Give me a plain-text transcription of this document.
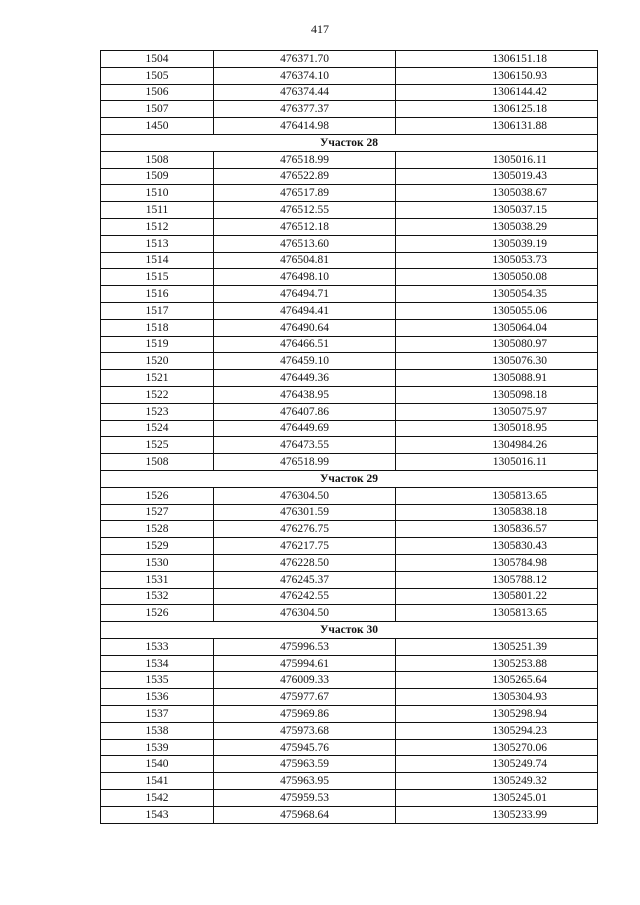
417
1504	476371.70	1306151.18
1505	476374.10	1306150.93
1506	476374.44	1306144.42
1507	476377.37	1306125.18
1450	476414.98	1306131.88
Участок 28		
1508	476518.99	1305016.11
1509	476522.89	1305019.43
1510	476517.89	1305038.67
1511	476512.55	1305037.15
1512	476512.18	1305038.29
1513	476513.60	1305039.19
1514	476504.81	1305053.73
1515	476498.10	1305050.08
1516	476494.71	1305054.35
1517	476494.41	1305055.06
1518	476490.64	1305064.04
1519	476466.51	1305080.97
1520	476459.10	1305076.30
1521	476449.36	1305088.91
1522	476438.95	1305098.18
1523	476407.86	1305075.97
1524	476449.69	1305018.95
1525	476473.55	1304984.26
1508	476518.99	1305016.11
Участок 29		
1526	476304.50	1305813.65
1527	476301.59	1305838.18
1528	476276.75	1305836.57
1529	476217.75	1305830.43
1530	476228.50	1305784.98
1531	476245.37	1305788.12
1532	476242.55	1305801.22
1526	476304.50	1305813.65
Участок 30		
1533	475996.53	1305251.39
1534	475994.61	1305253.88
1535	476009.33	1305265.64
1536	475977.67	1305304.93
1537	475969.86	1305298.94
1538	475973.68	1305294.23
1539	475945.76	1305270.06
1540	475963.59	1305249.74
1541	475963.95	1305249.32
1542	475959.53	1305245.01
1543	475968.64	1305233.99
